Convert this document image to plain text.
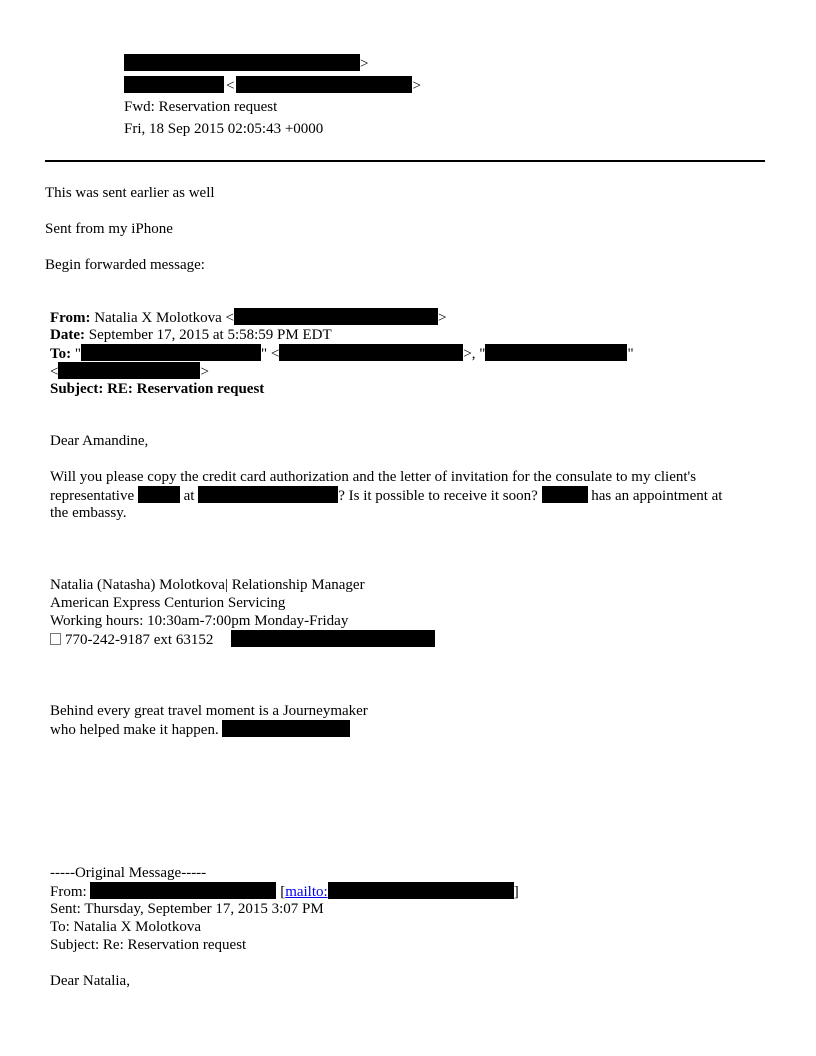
>
<	>
Fwd: Reservation request
Fri, 18 Sep 2015 02:05:43 +0000
This was sent earlier as well
Sent from my iPhone
Begin forwarded message:
From: Natalia X Molotkova <	>
Date: September 17, 2015 at 5:58:59 PM EDT
To: "	" <	>, "	"
<	>
Subject: RE: Reservation request
Dear Amandine,
Will you please copy the credit card authorization and the letter of invitation for the consulate to my client's
representative	at	? Is it possible to receive it soon?	has an appointment at
the embassy.
Natalia (Natasha) Molotkova| Relationship Manager
American Express Centurion Servicing
Working hours: 10:30am-7:00pm Monday-Friday
770-242-9187 ext 63152
Behind every great travel moment is a Journeymaker
who helped make it happen.
-----Original Message-----
From:	[mailto:	]
Sent: Thursday, September 17, 2015 3:07 PM
To: Natalia X Molotkova
Subject: Re: Reservation request
Dear Natalia,
